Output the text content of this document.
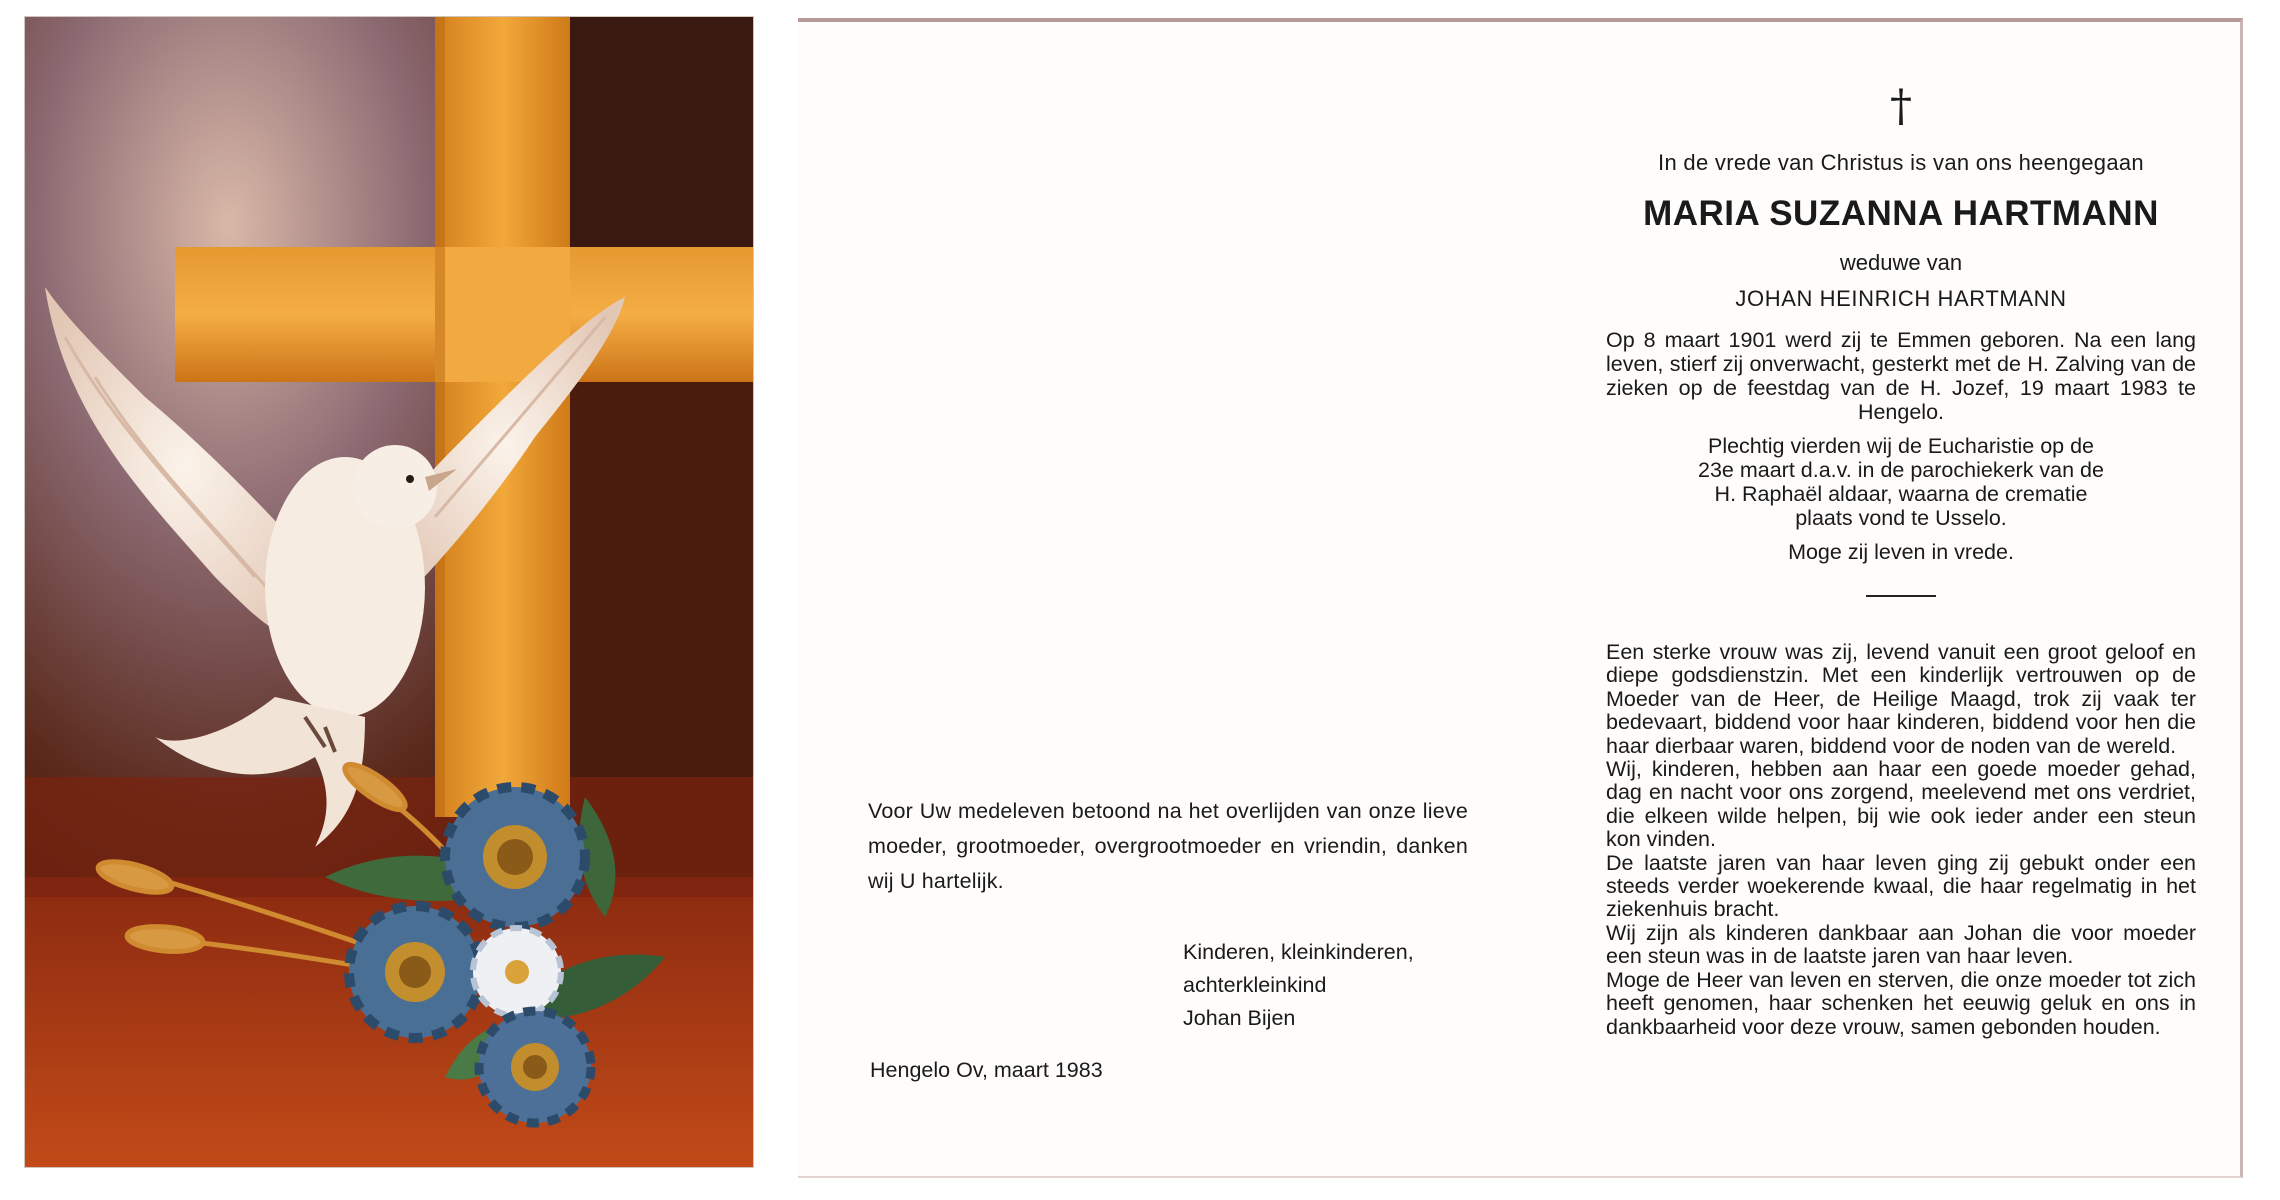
Voor Uw medeleven betoond na het overlijden van onze lieve moeder, grootmoeder, overgrootmoeder en vriendin, danken wij U hartelijk.
Kinderen, kleinkinderen,
achterkleinkind
Johan Bijen
Hengelo Ov, maart 1983
†
In de vrede van Christus is van ons heengegaan
MARIA SUZANNA HARTMANN
weduwe van
JOHAN HEINRICH HARTMANN
Op 8 maart 1901 werd zij te Emmen geboren. Na een lang leven, stierf zij onverwacht, gesterkt met de H. Zalving van de zieken op de feestdag van de H. Jozef, 19 maart 1983 te Hengelo.
Plechtig vierden wij de Eucharistie op de
23e maart d.a.v. in de parochiekerk van de
H. Raphaël aldaar, waarna de crematie
plaats vond te Usselo.
Moge zij leven in vrede.
Een sterke vrouw was zij, levend vanuit een groot geloof en diepe godsdienstzin. Met een kinderlijk vertrouwen op de Moeder van de Heer, de Heilige Maagd, trok zij vaak ter bedevaart, biddend voor haar kinderen, biddend voor hen die haar dierbaar waren, biddend voor de noden van de wereld.
Wij, kinderen, hebben aan haar een goede moeder gehad, dag en nacht voor ons zorgend, meelevend met ons verdriet, die elkeen wilde helpen, bij wie ook ieder ander een steun kon vinden.
De laatste jaren van haar leven ging zij gebukt onder een steeds verder woekerende kwaal, die haar regelmatig in het ziekenhuis bracht.
Wij zijn als kinderen dankbaar aan Johan die voor moeder een steun was in de laatste jaren van haar leven.
Moge de Heer van leven en sterven, die onze moeder tot zich heeft genomen, haar schenken het eeuwig geluk en ons in dankbaarheid voor deze vrouw, samen gebonden houden.
